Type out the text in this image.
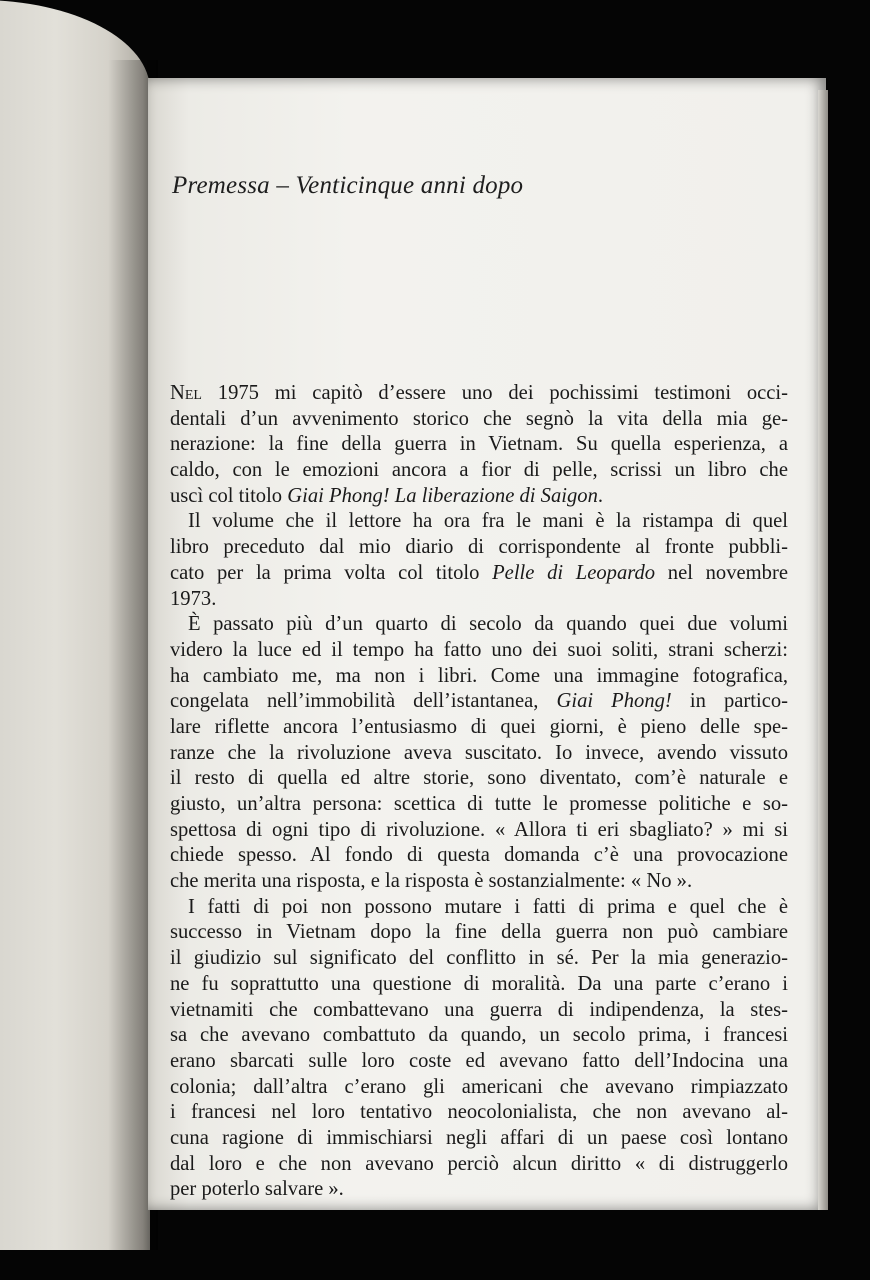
Premessa – Venticinque anni dopo
Nel 1975 mi capitò d’essere uno dei pochissimi testimoni occi-
dentali d’un avvenimento storico che segnò la vita della mia ge-
nerazione: la fine della guerra in Vietnam. Su quella esperienza, a
caldo, con le emozioni ancora a fior di pelle, scrissi un libro che
uscì col titolo Giai Phong! La liberazione di Saigon.
Il volume che il lettore ha ora fra le mani è la ristampa di quel
libro preceduto dal mio diario di corrispondente al fronte pubbli-
cato per la prima volta col titolo Pelle di Leopardo nel novembre
1973.
È passato più d’un quarto di secolo da quando quei due volumi
videro la luce ed il tempo ha fatto uno dei suoi soliti, strani scherzi:
ha cambiato me, ma non i libri. Come una immagine fotografica,
congelata nell’immobilità dell’istantanea, Giai Phong! in partico-
lare riflette ancora l’entusiasmo di quei giorni, è pieno delle spe-
ranze che la rivoluzione aveva suscitato. Io invece, avendo vissuto
il resto di quella ed altre storie, sono diventato, com’è naturale e
giusto, un’altra persona: scettica di tutte le promesse politiche e so-
spettosa di ogni tipo di rivoluzione. « Allora ti eri sbagliato? » mi si
chiede spesso. Al fondo di questa domanda c’è una provocazione
che merita una risposta, e la risposta è sostanzialmente: « No ».
I fatti di poi non possono mutare i fatti di prima e quel che è
successo in Vietnam dopo la fine della guerra non può cambiare
il giudizio sul significato del conflitto in sé. Per la mia generazio-
ne fu soprattutto una questione di moralità. Da una parte c’erano i
vietnamiti che combattevano una guerra di indipendenza, la stes-
sa che avevano combattuto da quando, un secolo prima, i francesi
erano sbarcati sulle loro coste ed avevano fatto dell’Indocina una
colonia; dall’altra c’erano gli americani che avevano rimpiazzato
i francesi nel loro tentativo neocolonialista, che non avevano al-
cuna ragione di immischiarsi negli affari di un paese così lontano
dal loro e che non avevano perciò alcun diritto « di distruggerlo
per poterlo salvare ».
